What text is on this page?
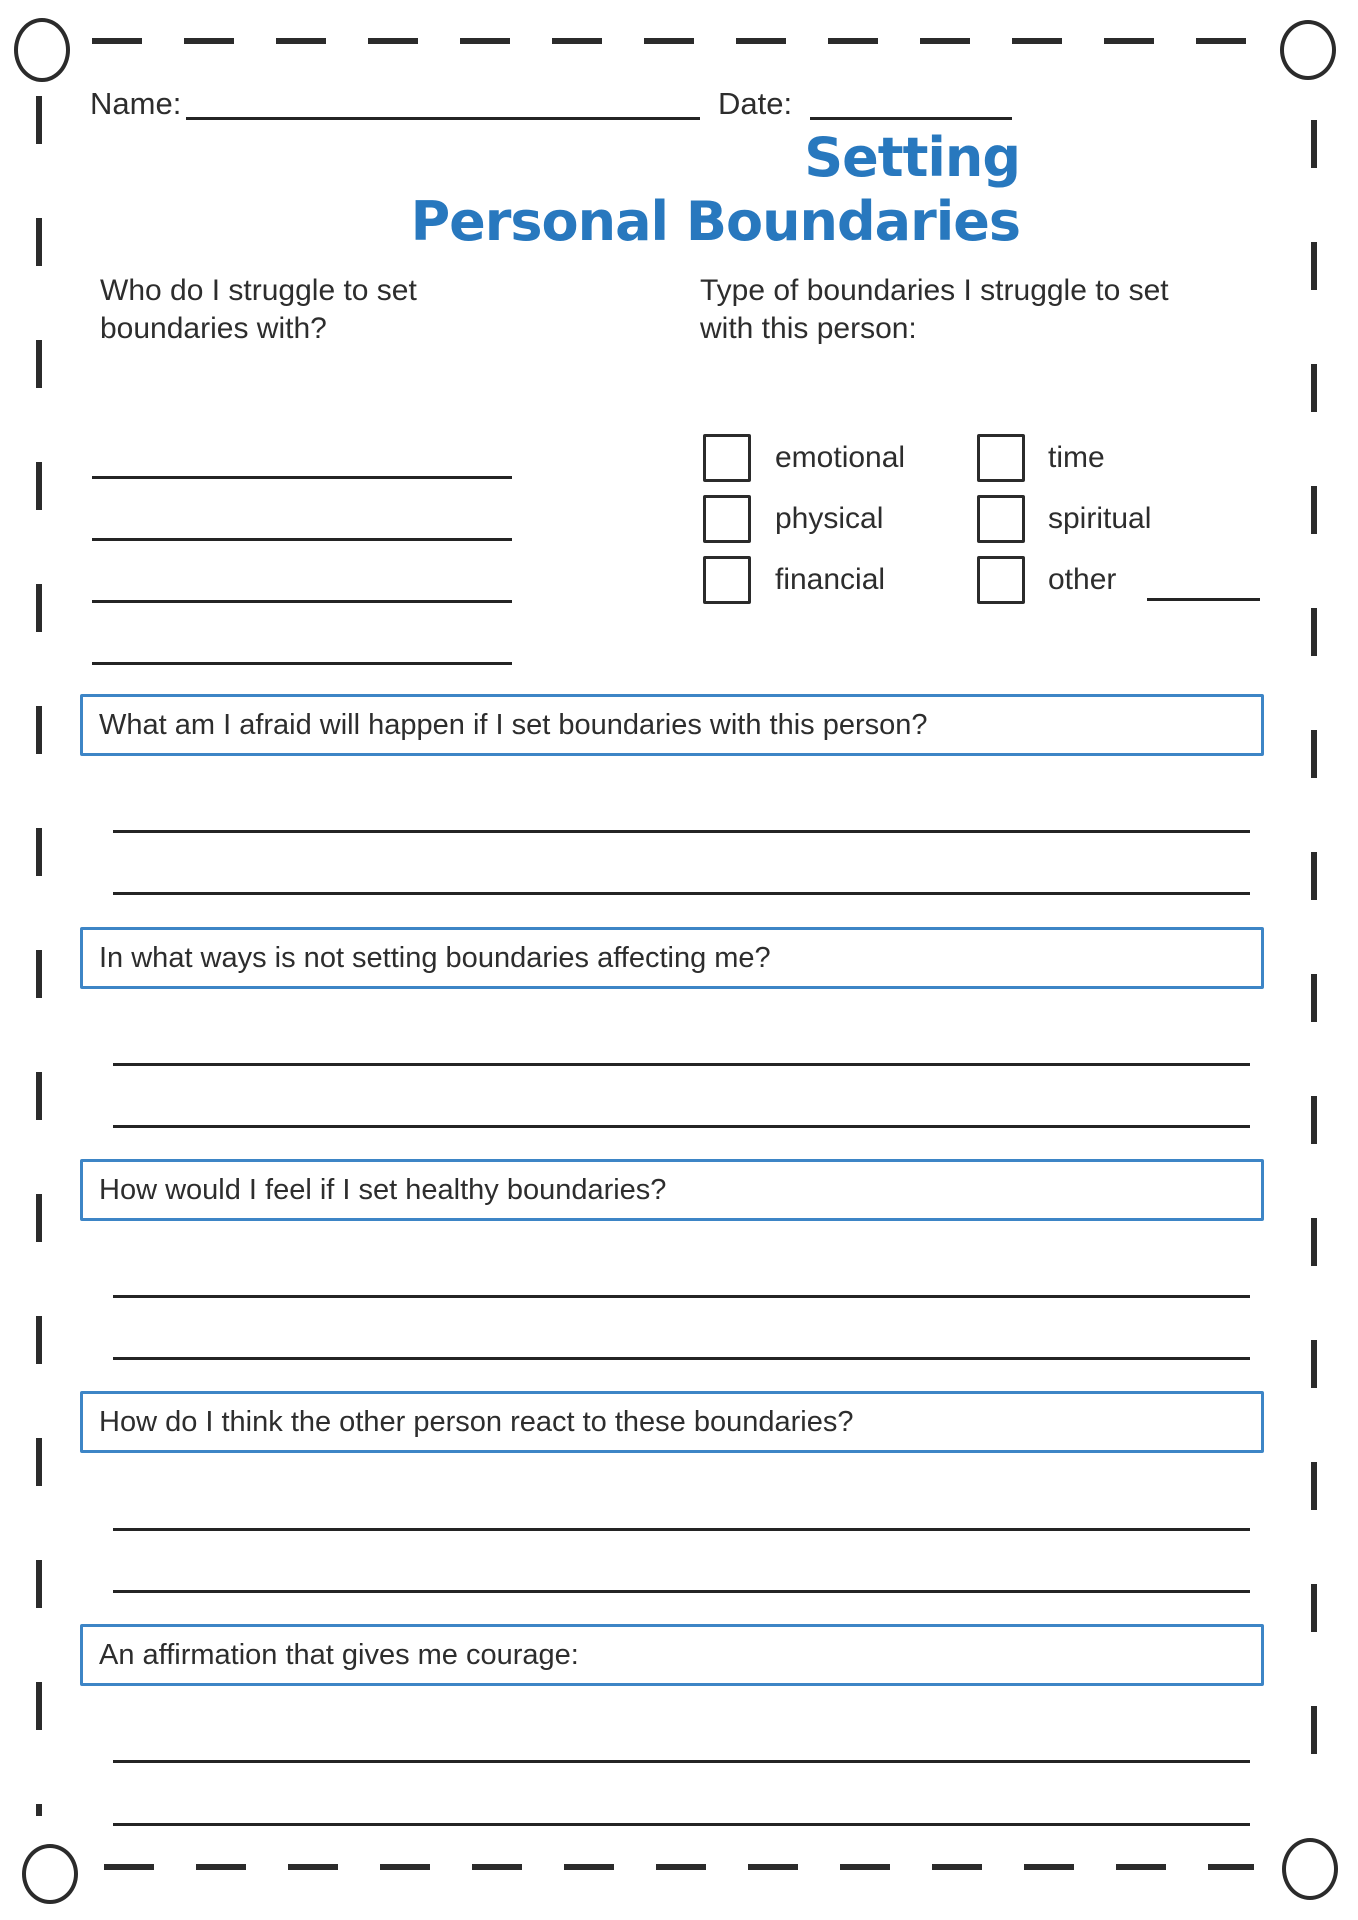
Name:	Date:
Setting
Personal Boundaries
Who do I struggle to set boundaries with?
Type of boundaries I struggle to set with this person:
emotional	time
physical	spiritual
financial	other
What am I afraid will happen if I set boundaries with this person?
In what ways is not setting boundaries affecting me?
How would I feel if I set healthy boundaries?
How do I think the other person react to these boundaries?
An affirmation that gives me courage:
